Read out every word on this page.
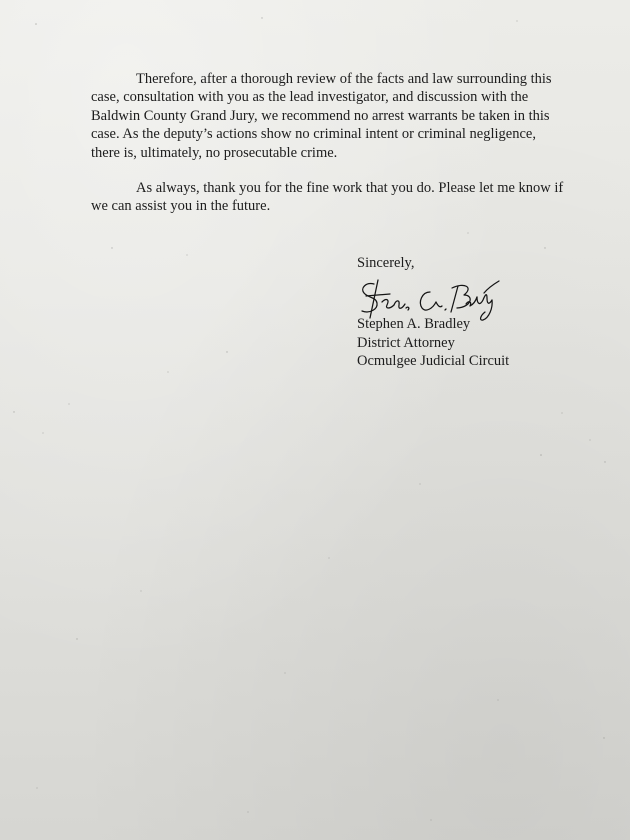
Therefore, after a thorough review of the facts and law surrounding this
case, consultation with you as the lead investigator, and discussion with the
Baldwin County Grand Jury, we recommend no arrest warrants be taken in this
case. As the deputy’s actions show no criminal intent or criminal negligence,
there is, ultimately, no prosecutable crime.
As always, thank you for the fine work that you do. Please let me know if
we can assist you in the future.
Sincerely,
Stephen A. Bradley
District Attorney
Ocmulgee Judicial Circuit
